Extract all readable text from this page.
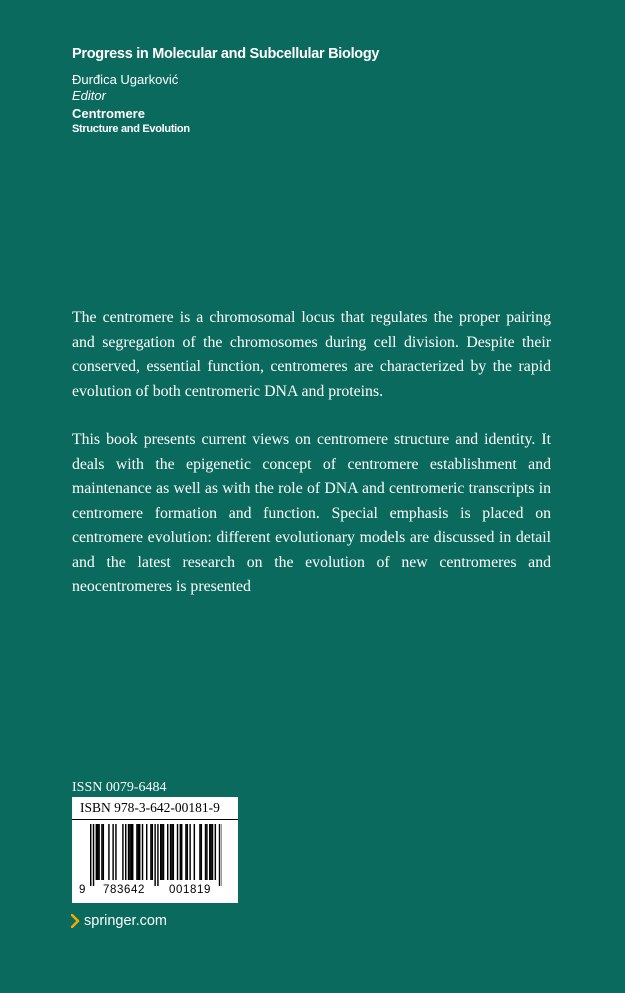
Progress in Molecular and Subcellular Biology
Đurđica Ugarković
Editor
Centromere
Structure and Evolution

The centromere is a chromosomal locus that regulates the proper pairing and segregation of the chromosomes during cell division. Despite their conserved, essential function, centromeres are characterized by the rapid evolution of both centromeric DNA and proteins.

This book presents current views on centromere structure and identity. It deals with the epigenetic concept of centromere establishment and maintenance as well as with the role of DNA and centromeric transcripts in centromere formation and function. Special emphasis is placed on centromere evolution: different evolutionary models are discussed in detail and the latest research on the evolution of new centromeres and neocentromeres is presented

ISSN 0079-6484
ISBN 978-3-642-00181-9
9 783642 001819
springer.com
